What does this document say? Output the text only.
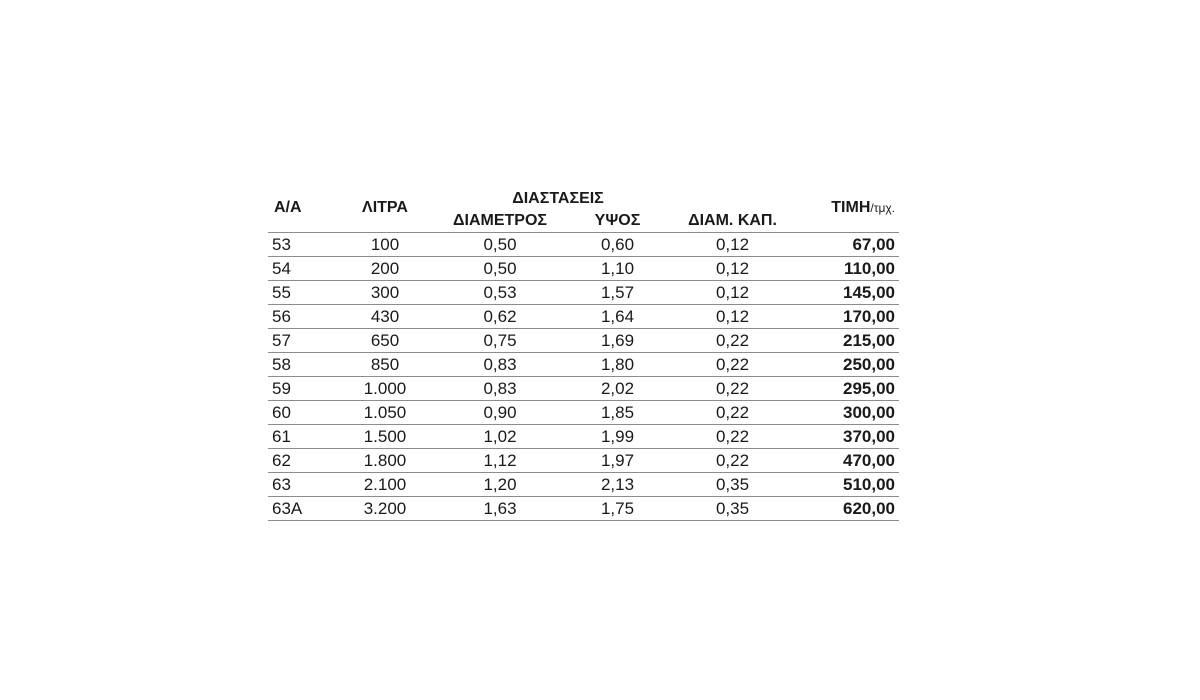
Α/Α	ΛΙΤΡΑ	ΔΙΑΣΤΑΣΕΙΣ			ΤΙΜΗ/τμχ.
		ΔΙΑΜΕΤΡΟΣ	ΥΨΟΣ	ΔΙΑΜ. ΚΑΠ.	
53	100	0,50	0,60	0,12	67,00
54	200	0,50	1,10	0,12	110,00
55	300	0,53	1,57	0,12	145,00
56	430	0,62	1,64	0,12	170,00
57	650	0,75	1,69	0,22	215,00
58	850	0,83	1,80	0,22	250,00
59	1.000	0,83	2,02	0,22	295,00
60	1.050	0,90	1,85	0,22	300,00
61	1.500	1,02	1,99	0,22	370,00
62	1.800	1,12	1,97	0,22	470,00
63	2.100	1,20	2,13	0,35	510,00
63Α	3.200	1,63	1,75	0,35	620,00
